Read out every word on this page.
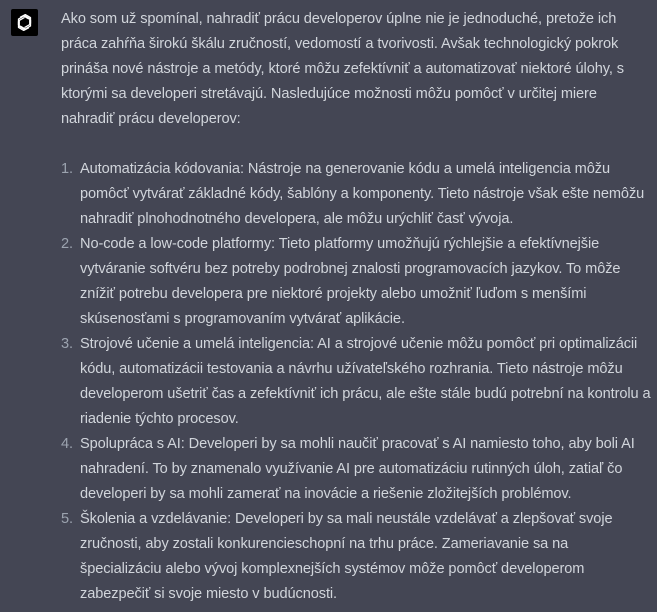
Ako som už spomínal, nahradiť prácu developerov úplne nie je jednoduché, pretože ich práca zahŕňa širokú škálu zručností, vedomostí a tvorivosti. Avšak technologický pokrok prináša nové nástroje a metódy, ktoré môžu zefektívniť a automatizovať niektoré úlohy, s ktorými sa developeri stretávajú. Nasledujúce možnosti môžu pomôcť v určitej miere nahradiť prácu developerov:

1. Automatizácia kódovania: Nástroje na generovanie kódu a umelá inteligencia môžu pomôcť vytvárať základné kódy, šablóny a komponenty. Tieto nástroje však ešte nemôžu nahradiť plnohodnotného developera, ale môžu urýchliť časť vývoja.
2. No-code a low-code platformy: Tieto platformy umožňujú rýchlejšie a efektívnejšie vytváranie softvéru bez potreby podrobnej znalosti programovacích jazykov. To môže znížiť potrebu developera pre niektoré projekty alebo umožniť ľuďom s menšími skúsenosťami s programovaním vytvárať aplikácie.
3. Strojové učenie a umelá inteligencia: AI a strojové učenie môžu pomôcť pri optimalizácii kódu, automatizácii testovania a návrhu užívateľského rozhrania. Tieto nástroje môžu developerom ušetriť čas a zefektívniť ich prácu, ale ešte stále budú potrební na kontrolu a riadenie týchto procesov.
4. Spolupráca s AI: Developeri by sa mohli naučiť pracovať s AI namiesto toho, aby boli AI nahradení. To by znamenalo využívanie AI pre automatizáciu rutinných úloh, zatiaľ čo developeri by sa mohli zamerať na inovácie a riešenie zložitejších problémov.
5. Školenia a vzdelávanie: Developeri by sa mali neustále vzdelávať a zlepšovať svoje zručnosti, aby zostali konkurencieschopní na trhu práce. Zameriavanie sa na špecializáciu alebo vývoj komplexnejších systémov môže pomôcť developerom zabezpečiť si svoje miesto v budúcnosti.
